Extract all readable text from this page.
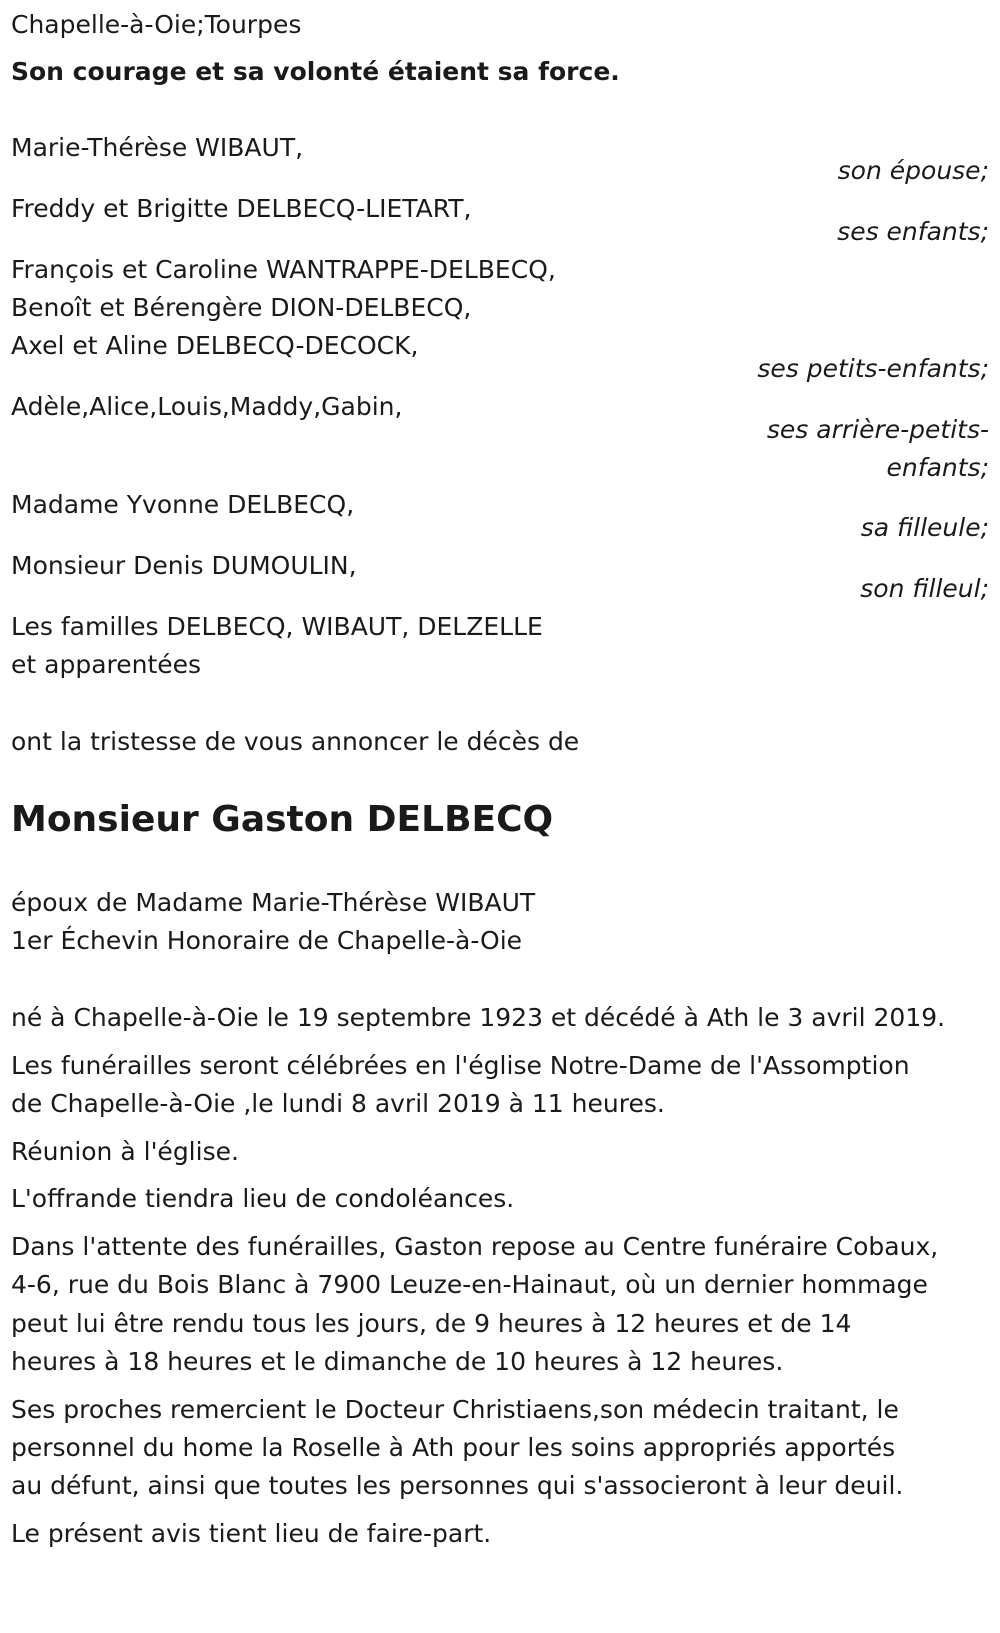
Chapelle-à-Oie;Tourpes
Son courage et sa volonté étaient sa force.
Marie-Thérèse WIBAUT,
son épouse;
Freddy et Brigitte DELBECQ-LIETART,
ses enfants;
François et Caroline WANTRAPPE-DELBECQ,
Benoît et Bérengère DION-DELBECQ,
Axel et Aline DELBECQ-DECOCK,
ses petits-enfants;
Adèle,Alice,Louis,Maddy,Gabin,
ses arrière-petits-
enfants;
Madame Yvonne DELBECQ,
sa filleule;
Monsieur Denis DUMOULIN,
son filleul;
Les familles DELBECQ, WIBAUT, DELZELLE
et apparentées
ont la tristesse de vous annoncer le décès de
Monsieur Gaston DELBECQ
époux de Madame Marie-Thérèse WIBAUT
1er Échevin Honoraire de Chapelle-à-Oie
né à Chapelle-à-Oie le 19 septembre 1923 et décédé à Ath le 3 avril 2019.
Les funérailles seront célébrées en l'église Notre-Dame de l'Assomption
de Chapelle-à-Oie ,le lundi 8 avril 2019 à 11 heures.
Réunion à l'église.
L'offrande tiendra lieu de condoléances.
Dans l'attente des funérailles, Gaston repose au Centre funéraire Cobaux,
4-6, rue du Bois Blanc à 7900 Leuze-en-Hainaut, où un dernier hommage
peut lui être rendu tous les jours, de 9 heures à 12 heures et de 14
heures à 18 heures et le dimanche de 10 heures à 12 heures.
Ses proches remercient le Docteur Christiaens,son médecin traitant, le
personnel du home la Roselle à Ath pour les soins appropriés apportés
au défunt, ainsi que toutes les personnes qui s'associeront à leur deuil.
Le présent avis tient lieu de faire-part.
